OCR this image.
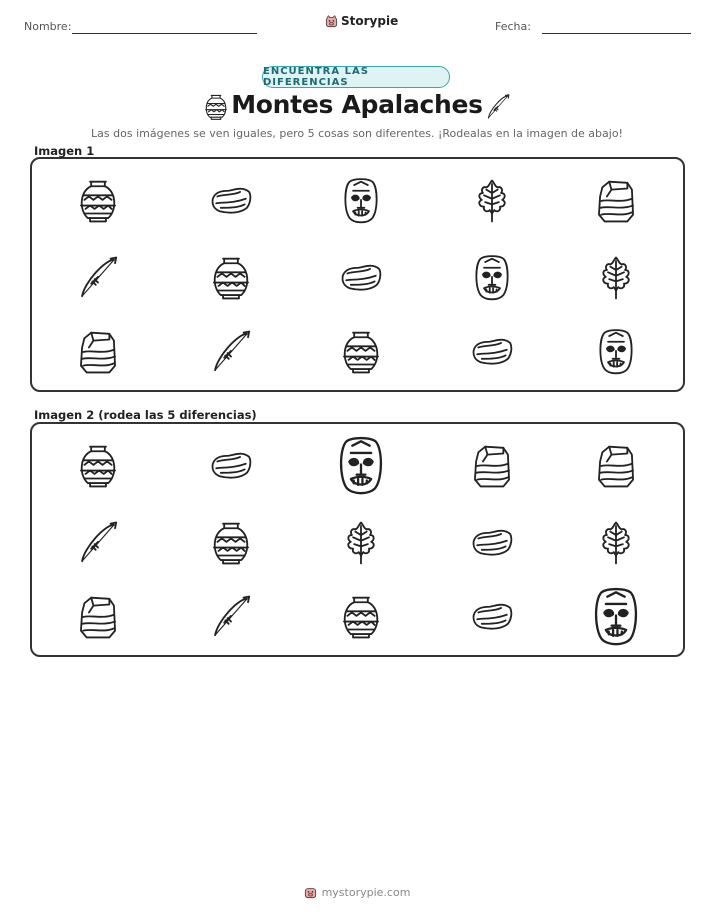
Nombre:	Storypie	Fecha:
ENCUENTRA LAS DIFERENCIAS
Montes Apalaches
Las dos imágenes se ven iguales, pero 5 cosas son diferentes. ¡Rodealas en la imagen de abajo!
Imagen 1
Imagen 2 (rodea las 5 diferencias)
mystorypie.com
